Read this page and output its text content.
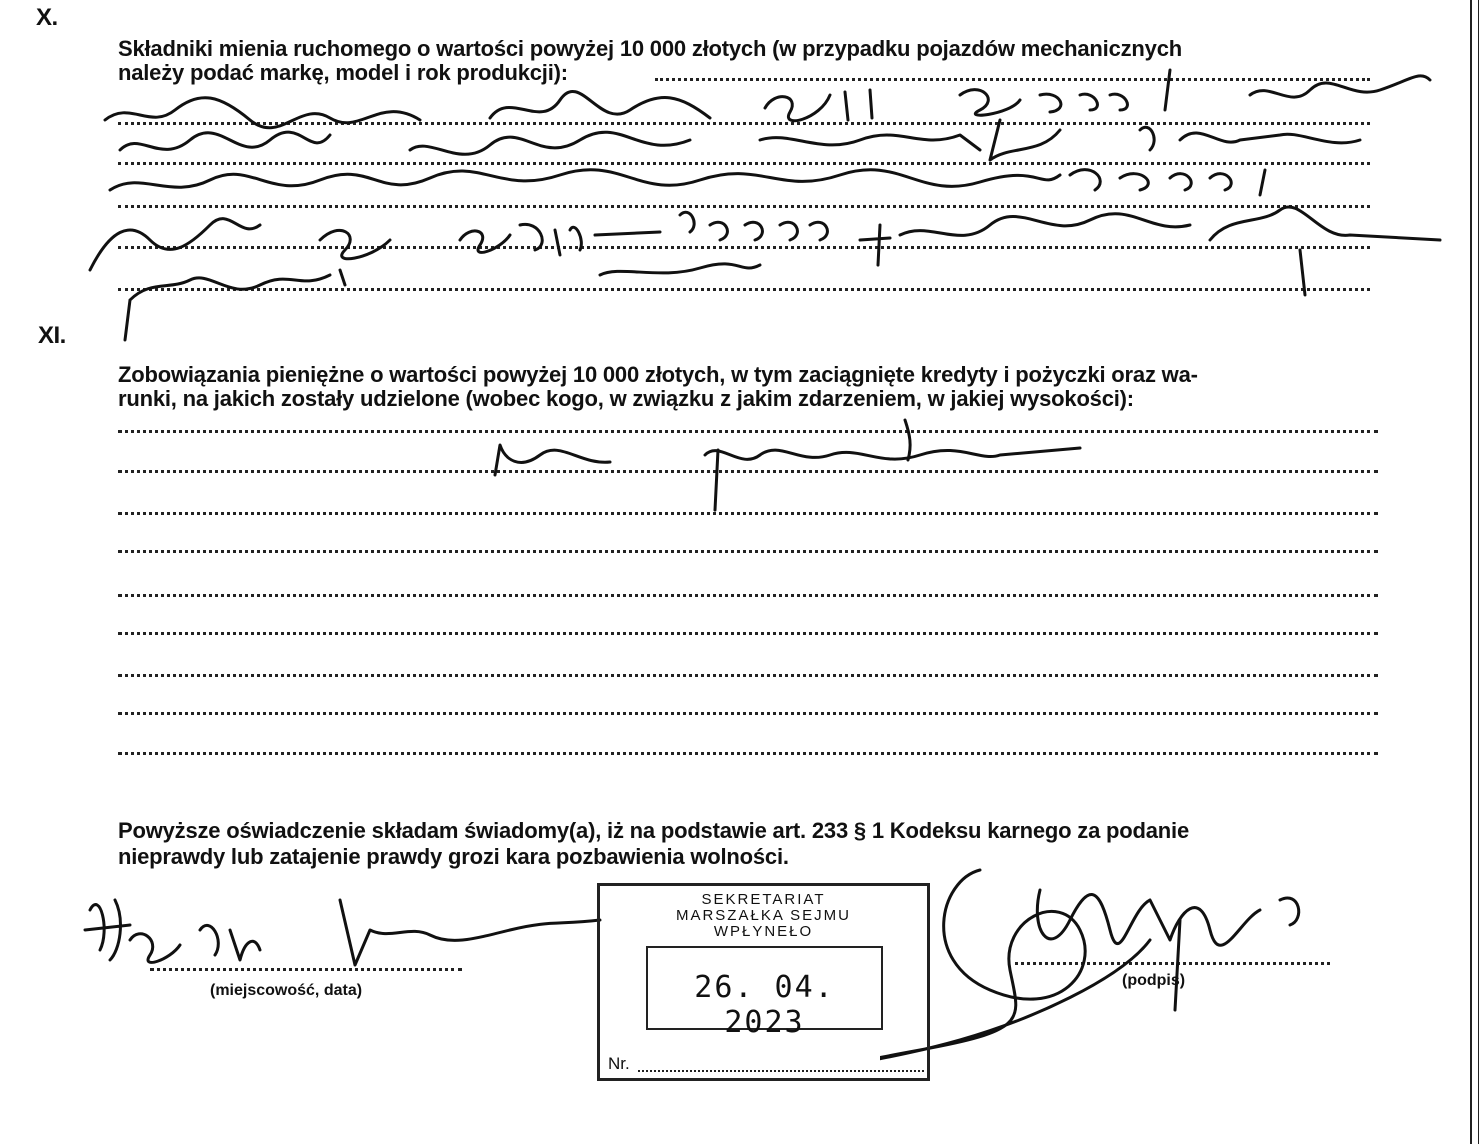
X.
Składniki mienia ruchomego o wartości powyżej 10 000 złotych (w przypadku pojazdów mechanicznych
należy podać markę, model i rok produkcji):
XI.
Zobowiązania pieniężne o wartości powyżej 10 000 złotych, w tym zaciągnięte kredyty i pożyczki oraz wa-
runki, na jakich zostały udzielone (wobec kogo, w związku z jakim zdarzeniem, w jakiej wysokości):
Powyższe oświadczenie składam świadomy(a), iż na podstawie art. 233 § 1 Kodeksu karnego za podanie
nieprawdy lub zatajenie prawdy grozi kara pozbawienia wolności.
(miejscowość, data)
(podpis)
SEKRETARIAT
MARSZAŁKA SEJMU
WPŁYNEŁO
26. 04. 2023
Nr.
